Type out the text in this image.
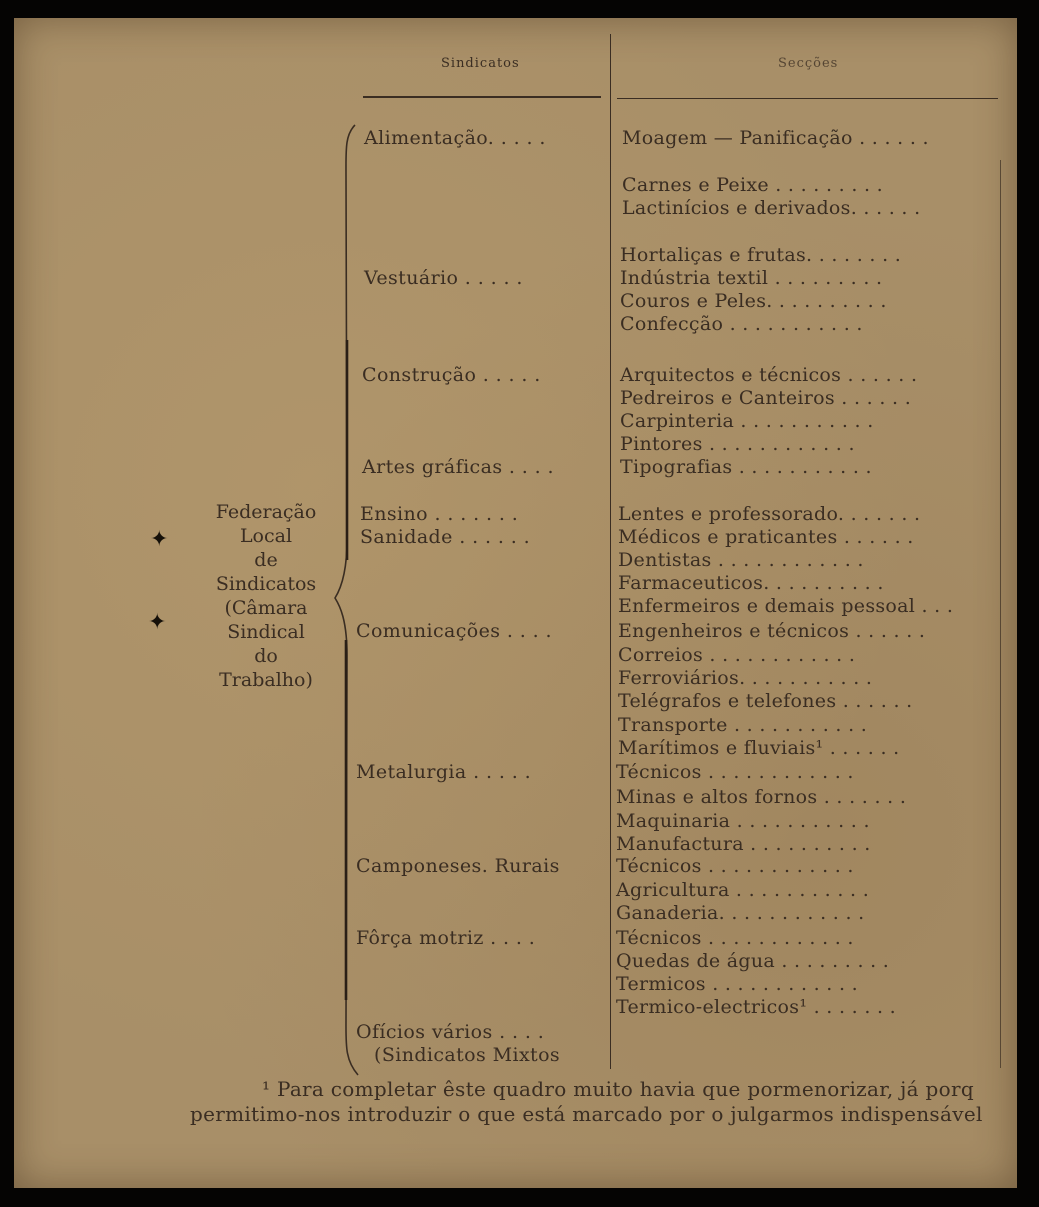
Sindicatos	Secções
Federação
Local
de
Sindicatos
(Câmara
Sindical
do
Trabalho)
✦
✦
Alimentação. . . . .
Vestuário . . . . .
Construção . . . . .
Artes gráficas . . . .
Ensino . . . . . . .
Sanidade . . . . . .
Comunicações . . . .
Metalurgia . . . . .
Camponeses. Rurais
Fôrça motriz . . . .
Ofícios vários . . . .
(Sindicatos Mixtos
Moagem — Panificação . . . . . .
Carnes e Peixe . . . . . . . . .
Lactinícios e derivados. . . . . .
Hortaliças e frutas. . . . . . . .
Indústria textil . . . . . . . . .
Couros e Peles. . . . . . . . . .
Confecção . . . . . . . . . . .
Arquitectos e técnicos . . . . . .
Pedreiros e Canteiros . . . . . .
Carpinteria . . . . . . . . . . .
Pintores . . . . . . . . . . . .
Tipografias . . . . . . . . . . .
Lentes e professorado. . . . . . .
Médicos e praticantes . . . . . .
Dentistas . . . . . . . . . . . .
Farmaceuticos. . . . . . . . . .
Enfermeiros e demais pessoal . . .
Engenheiros e técnicos . . . . . .
Correios . . . . . . . . . . . .
Ferroviários. . . . . . . . . . .
Telégrafos e telefones . . . . . .
Transporte . . . . . . . . . . .
Marítimos e fluviais¹ . . . . . .
Técnicos . . . . . . . . . . . .
Minas e altos fornos . . . . . . .
Maquinaria . . . . . . . . . . .
Manufactura . . . . . . . . . .
Técnicos . . . . . . . . . . . .
Agricultura . . . . . . . . . . .
Ganaderia. . . . . . . . . . . .
Técnicos . . . . . . . . . . . .
Quedas de água . . . . . . . . .
Termicos . . . . . . . . . . . .
Termico-electricos¹ . . . . . . .
¹ Para completar êste quadro muito havia que pormenorizar, já porq
permitimo-nos introduzir o que está marcado por o julgarmos indispensável
